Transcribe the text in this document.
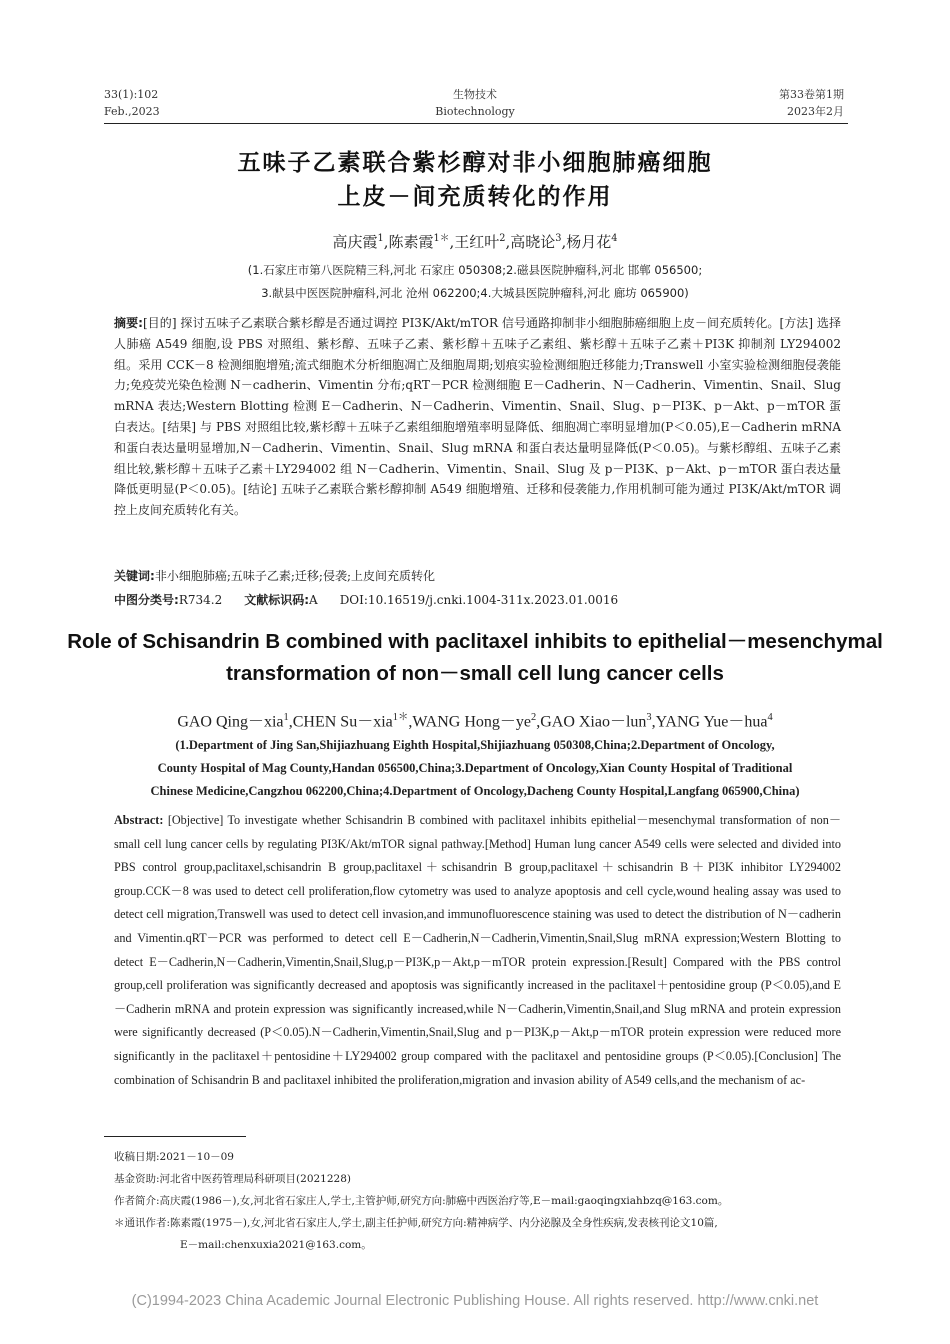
33(1):102
Feb.,2023
生物技术
Biotechnology
第33卷第1期
2023年2月
五味子乙素联合紫杉醇对非小细胞肺癌细胞
上皮－间充质转化的作用
高庆霞$^1$,陈素霞$^{1*}$,王红叶$^2$,高晓论$^3$,杨月花$^4$
(1.石家庄市第八医院精三科,河北 石家庄 050308;2.磁县医院肿瘤科,河北 邯郸 056500;
3.献县中医医院肿瘤科,河北 沧州 062200;4.大城县医院肿瘤科,河北 廊坊 065900)
摘要:[目的] 探讨五味子乙素联合紫杉醇是否通过调控 PI3K/Akt/mTOR 信号通路抑制非小细胞肺癌细胞上皮－间充质转化。[方法] 选择人肺癌 A549 细胞,设 PBS 对照组、紫杉醇、五味子乙素、紫杉醇＋五味子乙素组、紫杉醇＋五味子乙素＋PI3K 抑制剂 LY294002 组。采用 CCK－8 检测细胞增殖;流式细胞术分析细胞凋亡及细胞周期;划痕实验检测细胞迁移能力;Transwell 小室实验检测细胞侵袭能力;免疫荧光染色检测 N－cadherin、Vimentin 分布;qRT－PCR 检测细胞 E－Cadherin、N－Cadherin、Vimentin、Snail、Slug mRNA 表达;Western Blotting 检测 E－Cadherin、N－Cadherin、Vimentin、Snail、Slug、p－PI3K、p－Akt、p－mTOR 蛋白表达。[结果] 与 PBS 对照组比较,紫杉醇＋五味子乙素组细胞增殖率明显降低、细胞凋亡率明显增加(P＜0.05),E－Cadherin mRNA 和蛋白表达量明显增加,N－Cadherin、Vimentin、Snail、Slug mRNA 和蛋白表达量明显降低(P＜0.05)。与紫杉醇组、五味子乙素组比较,紫杉醇＋五味子乙素＋LY294002 组 N－Cadherin、Vimentin、Snail、Slug 及 p－PI3K、p－Akt、p－mTOR 蛋白表达量降低更明显(P＜0.05)。[结论] 五味子乙素联合紫杉醇抑制 A549 细胞增殖、迁移和侵袭能力,作用机制可能为通过 PI3K/Akt/mTOR 调控上皮间充质转化有关。
关键词:非小细胞肺癌;五味子乙素;迁移;侵袭;上皮间充质转化
中图分类号:R734.2 文献标识码:A DOI:10.16519/j.cnki.1004-311x.2023.01.0016
Role of Schisandrin B combined with paclitaxel inhibits to epithelial－mesenchymal
transformation of non－small cell lung cancer cells
GAO Qing－xia$^1$,CHEN Su－xia$^{1*}$,WANG $Hong-ye^2,GAO$ Xiao－lun$^3$,YANG Yue－hua$^4$
(1.Department of Jing San,Shijiazhuang Eighth Hospital,Shijiazhuang 050308,China;2.Department of Oncology,
County Hospital of Mag County,Handan 056500,China;3.Department of Oncology,Xian County Hospital of Traditional
Chinese Medicine,Cangzhou 062200,China;4.Department of Oncology,Dacheng County Hospital,Langfang 065900,China)
Abstract: [Objective] To investigate whether Schisandrin B combined with paclitaxel inhibits epithelial－mesenchymal transformation of non－small cell lung cancer cells by regulating PI3K/Akt/mTOR signal pathway.[Method] Human lung cancer A549 cells were selected and divided into PBS control group,paclitaxel,schisandrin B group,paclitaxel＋schisandrin B group,paclitaxel＋schisandrin B＋PI3K inhibitor LY294002 group.CCK－8 was used to detect cell proliferation,flow cytometry was used to analyze apoptosis and cell cycle,wound healing assay was used to detect cell migration,Transwell was used to detect cell invasion,and immunofluorescence staining was used to detect the distribution of N－cadherin and Vimentin.qRT－PCR was performed to detect cell E－Cadherin,N－Cadherin,Vimentin,Snail,Slug mRNA expression;Western Blotting to detect E－Cadherin,N－Cadherin,Vimentin,Snail,Slug,p－PI3K,p－Akt,p－mTOR protein expression.[Result] Compared with the PBS control group,cell proliferation was significantly decreased and apoptosis was significantly increased in the paclitaxel＋pentosidine group (P＜0.05),and E－Cadherin mRNA and protein expression was significantly increased,while N－Cadherin,Vimentin,Snail,and Slug mRNA and protein expression were significantly decreased (P＜0.05).N－Cadherin,Vimentin,Snail,Slug and p－PI3K,p－Akt,p－mTOR protein expression were reduced more significantly in the paclitaxel＋pentosidine＋LY294002 group compared with the paclitaxel and pentosidine groups (P＜0.05).[Conclusion] The combination of Schisandrin B and paclitaxel inhibited the proliferation,migration and invasion ability of A549 cells,and the mechanism of ac-
收稿日期:2021－10－09
基金资助:河北省中医药管理局科研项目(2021228)
作者简介:高庆霞(1986－),女,河北省石家庄人,学士,主管护师,研究方向:肺癌中西医治疗等,E－mail:gaoqingxiahbzq@163.com。
＊通讯作者:陈素霞(1975－),女,河北省石家庄人,学士,副主任护师,研究方向:精神病学、内分泌腺及全身性疾病,发表核刊论文10篇,
E－mail:chenxuxia2021@163.com。
(C)1994-2023 China Academic Journal Electronic Publishing House. All rights reserved. http://www.cnki.net
